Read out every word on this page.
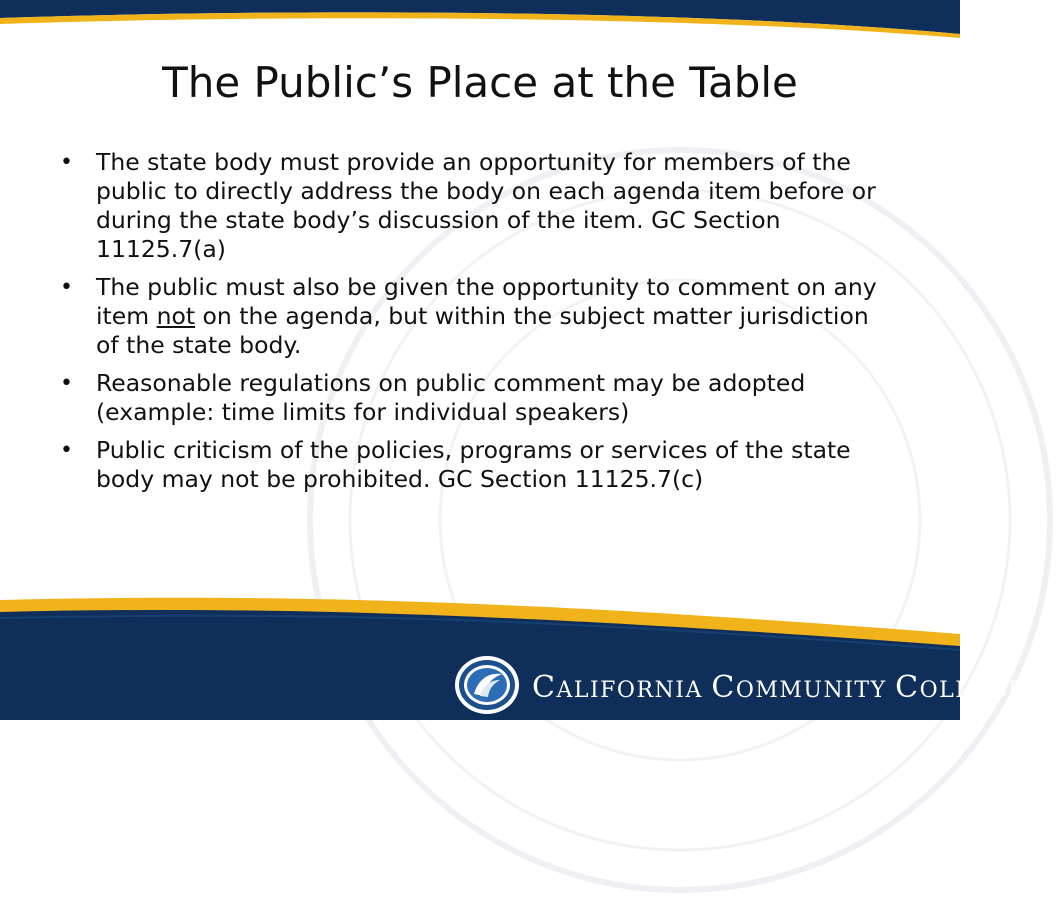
The Public’s Place at the Table
• The state body must provide an opportunity for members of the public to directly address the body on each agenda item before or during the state body’s discussion of the item. GC Section 11125.7(a)
• The public must also be given the opportunity to comment on any item not on the agenda, but within the subject matter jurisdiction of the state body.
• Reasonable regulations on public comment may be adopted (example: time limits for individual speakers)
• Public criticism of the policies, programs or services of the state body may not be prohibited. GC Section 11125.7(c)
CALIFORNIA COMMUNITY COLLEGES
